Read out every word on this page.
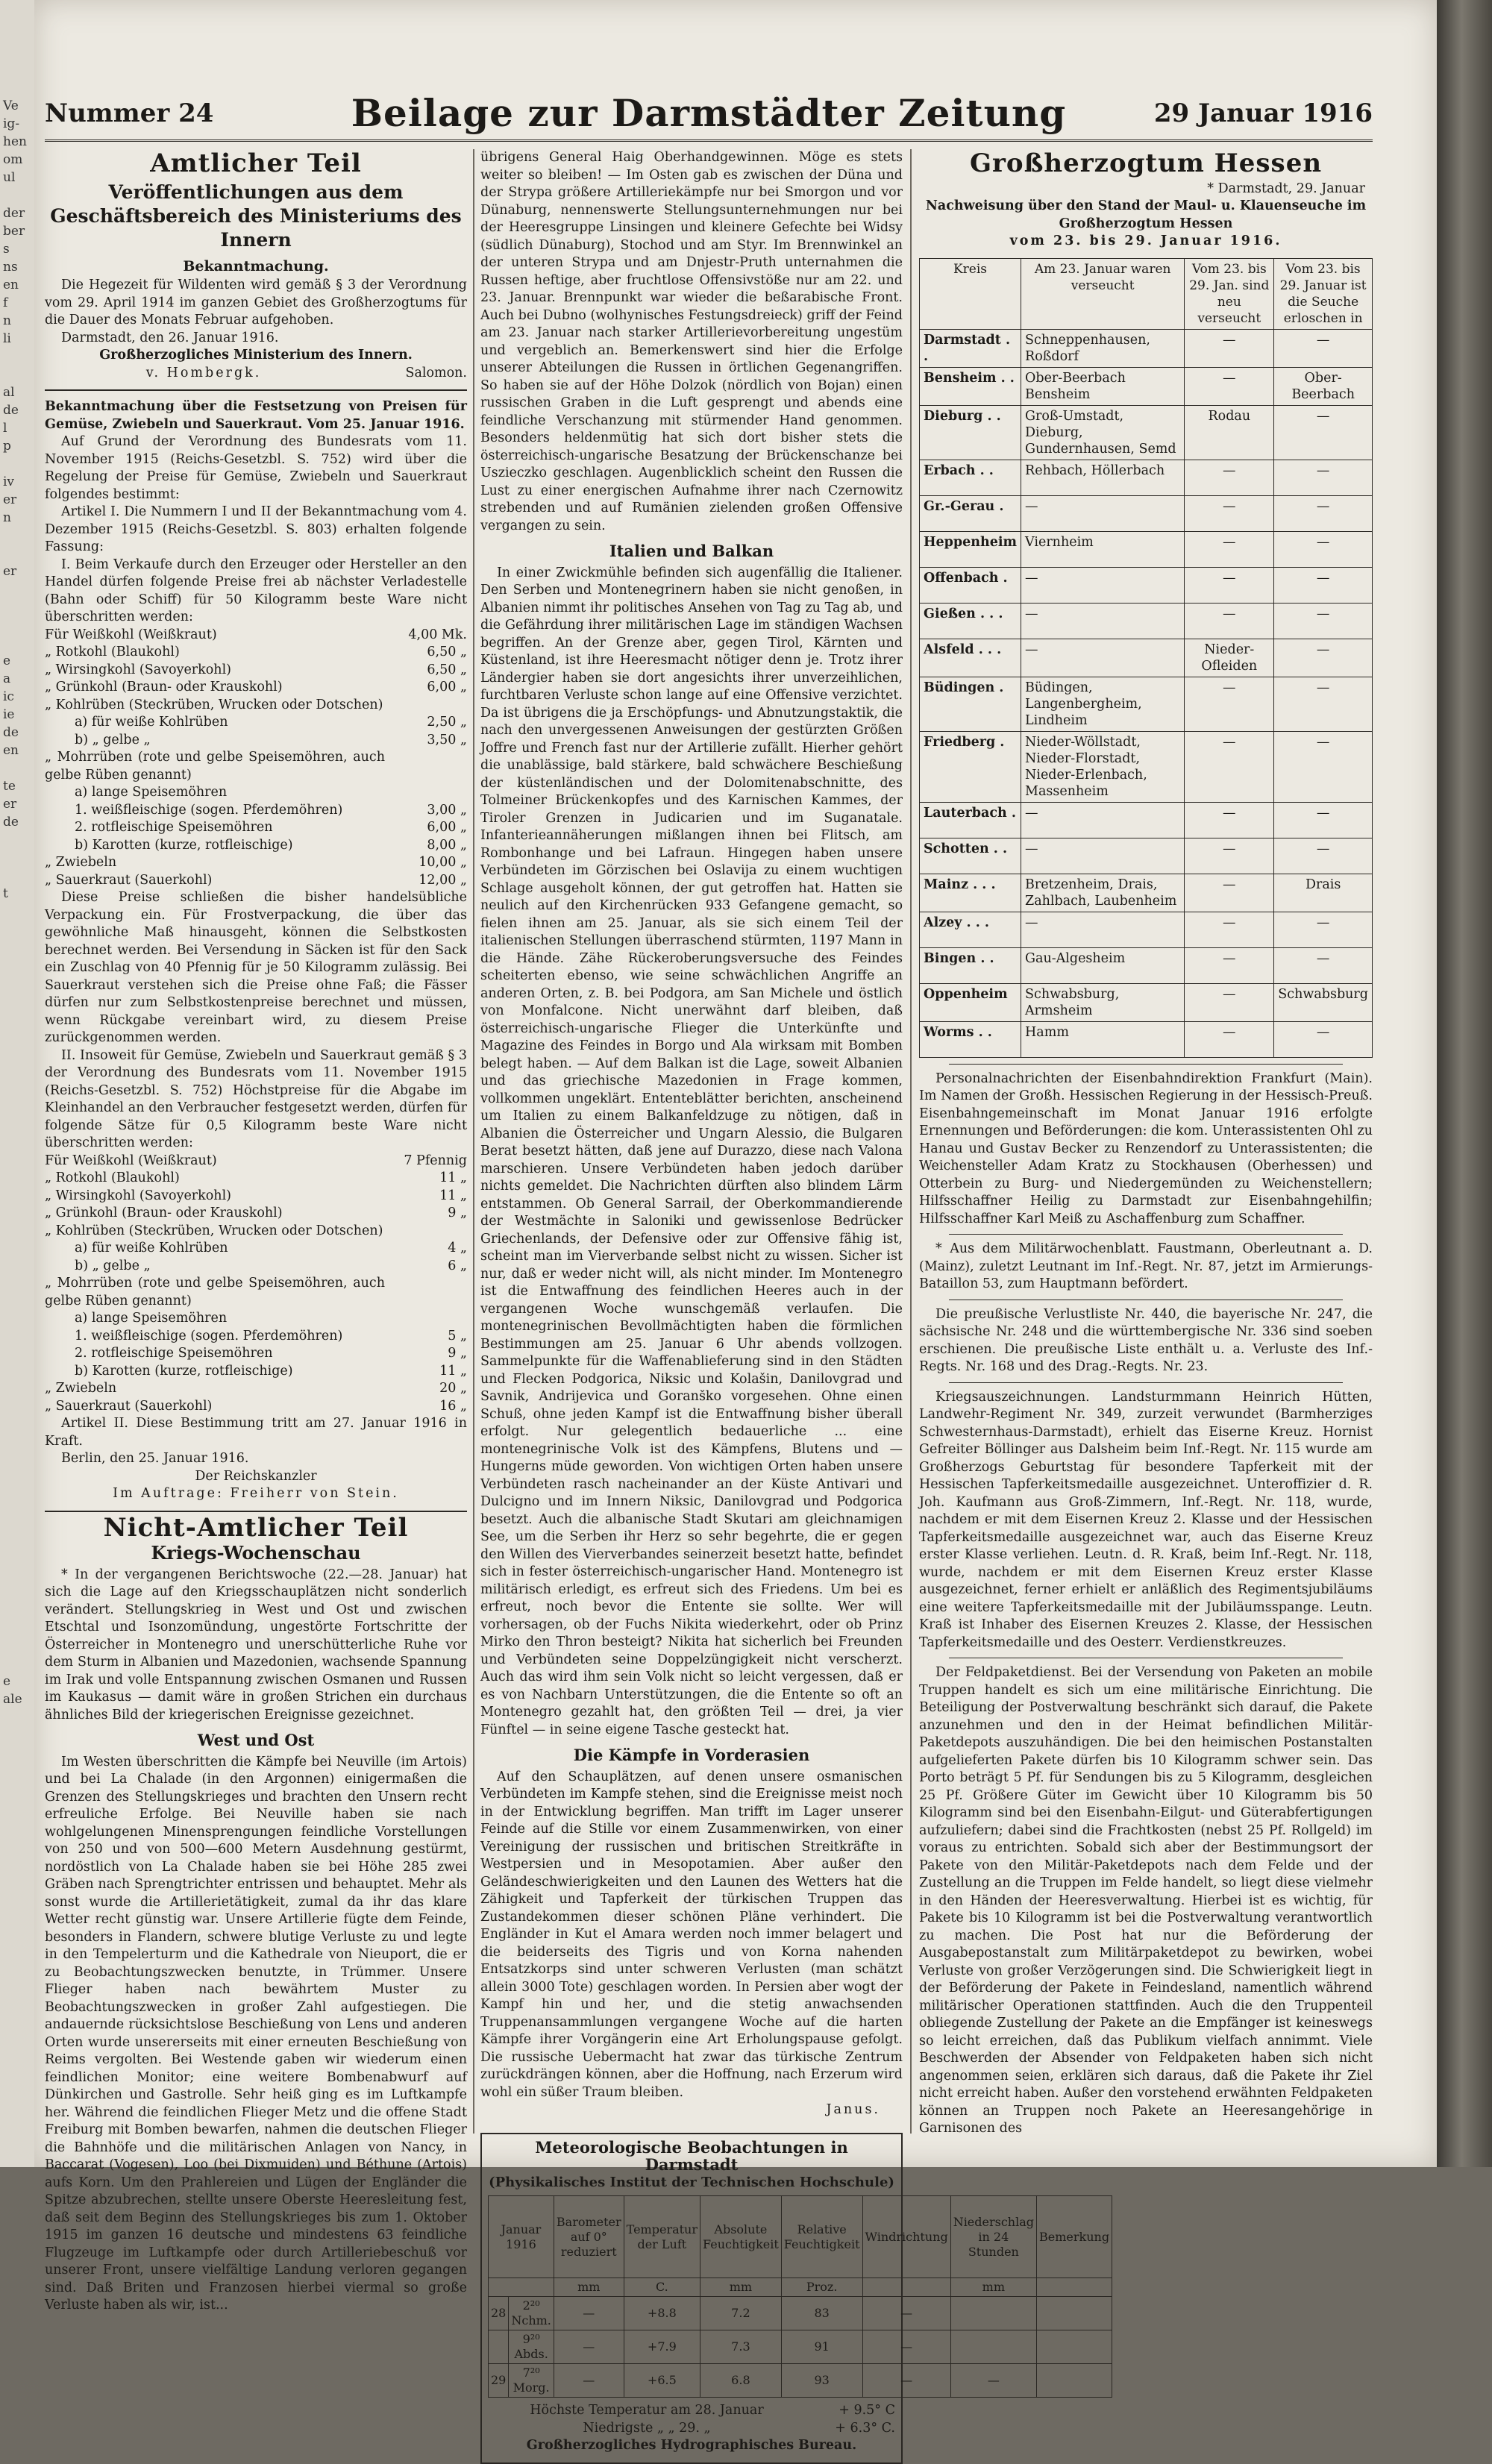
Ve
ig-
hen
om
ul

der
ber
s
ns
en
f
n
li

al
de
l
p

iv
er
n

er

e
a
ic
ie
de
en

te
er
de

t

e
ale
Nummer 24	Beilage zur Darmstädter Zeitung	29 Januar 1916
Amtlicher Teil
Veröffentlichungen aus dem Geschäftsbereich des Ministeriums des Innern
Bekanntmachung.

Die Hegezeit für Wildenten wird gemäß § 3 der Verordnung vom 29. April 1914 im ganzen Gebiet des Großherzogtums für die Dauer des Monats Februar aufgehoben.

Darmstadt, den 26. Januar 1916.

Großherzogliches Ministerium des Innern.
v. Hombergk.	Salomon.
Bekanntmachung über die Festsetzung von Preisen für Gemüse, Zwiebeln und Sauerkraut. Vom 25. Januar 1916.

Auf Grund der Verordnung des Bundesrats vom 11. November 1915 (Reichs-Gesetzbl. S. 752) wird über die Regelung der Preise für Gemüse, Zwiebeln und Sauerkraut folgendes bestimmt:

Artikel I. Die Nummern I und II der Bekanntmachung vom 4. Dezember 1915 (Reichs-Gesetzbl. S. 803) erhalten folgende Fassung:

I. Beim Verkaufe durch den Erzeuger oder Hersteller an den Handel dürfen folgende Preise frei ab nächster Verladestelle (Bahn oder Schiff) für 50 Kilogramm beste Ware nicht überschritten werden:

Für Weißkohl (Weißkraut)	4,00 Mk.
„ Rotkohl (Blaukohl)	6,50 „
„ Wirsingkohl (Savoyerkohl)	6,50 „
„ Grünkohl (Braun- oder Krauskohl)	6,00 „
„ Kohlrüben (Steckrüben, Wrucken oder Dotschen)
a) für weiße Kohlrüben	2,50 „
b) „ gelbe „	3,50 „
„ Mohrrüben (rote und gelbe Speisemöhren, auch gelbe Rüben genannt)
a) lange Speisemöhren
1. weißfleischige (sogen. Pferdemöhren)	3,00 „
2. rotfleischige Speisemöhren	6,00 „
b) Karotten (kurze, rotfleischige)	8,00 „
„ Zwiebeln	10,00 „
„ Sauerkraut (Sauerkohl)	12,00 „

Diese Preise schließen die bisher handelsübliche Verpackung ein. Für Frostverpackung, die über das gewöhnliche Maß hinausgeht, können die Selbstkosten berechnet werden. Bei Versendung in Säcken ist für den Sack ein Zuschlag von 40 Pfennig für je 50 Kilogramm zulässig. Bei Sauerkraut verstehen sich die Preise ohne Faß; die Fässer dürfen nur zum Selbstkostenpreise berechnet und müssen, wenn Rückgabe vereinbart wird, zu diesem Preise zurückgenommen werden.

II. Insoweit für Gemüse, Zwiebeln und Sauerkraut gemäß § 3 der Verordnung des Bundesrats vom 11. November 1915 (Reichs-Gesetzbl. S. 752) Höchstpreise für die Abgabe im Kleinhandel an den Verbraucher festgesetzt werden, dürfen für folgende Sätze für 0,5 Kilogramm beste Ware nicht überschritten werden:

Für Weißkohl (Weißkraut)	7 Pfennig
„ Rotkohl (Blaukohl)	11 „
„ Wirsingkohl (Savoyerkohl)	11 „
„ Grünkohl (Braun- oder Krauskohl)	9 „
„ Kohlrüben (Steckrüben, Wrucken oder Dotschen)
a) für weiße Kohlrüben	4 „
b) „ gelbe „	6 „
„ Mohrrüben (rote und gelbe Speisemöhren, auch gelbe Rüben genannt)
a) lange Speisemöhren
1. weißfleischige (sogen. Pferdemöhren)	5 „
2. rotfleischige Speisemöhren	9 „
b) Karotten (kurze, rotfleischige)	11 „
„ Zwiebeln	20 „
„ Sauerkraut (Sauerkohl)	16 „

Artikel II. Diese Bestimmung tritt am 27. Januar 1916 in Kraft.

Berlin, den 25. Januar 1916.

Der Reichskanzler
Im Auftrage: Freiherr von Stein.
Nicht-Amtlicher Teil
Kriegs-Wochenschau

* In der vergangenen Berichtswoche (22.—28. Januar) hat sich die Lage auf den Kriegsschauplätzen nicht sonderlich verändert. Stellungskrieg in West und Ost und zwischen Etschtal und Isonzomündung, ungestörte Fortschritte der Österreicher in Montenegro und unerschütterliche Ruhe vor dem Sturm in Albanien und Mazedonien, wachsende Spannung im Irak und volle Entspannung zwischen Osmanen und Russen im Kaukasus — damit wäre in großen Strichen ein durchaus ähnliches Bild der kriegerischen Ereignisse gezeichnet.

West und Ost

Im Westen überschritten die Kämpfe bei Neuville (im Artois) und bei La Chalade (in den Argonnen) einigermaßen die Grenzen des Stellungskrieges und brachten den Unsern recht erfreuliche Erfolge. Bei Neuville haben sie nach wohlgelungenen Minensprengungen feindliche Vorstellungen von 250 und von 500—600 Metern Ausdehnung gestürmt, nordöstlich von La Chalade haben sie bei Höhe 285 zwei Gräben nach Sprengtrichter entrissen und behauptet. Mehr als sonst wurde die Artillerietätigkeit, zumal da ihr das klare Wetter recht günstig war. Unsere Artillerie fügte dem Feinde, besonders in Flandern, schwere blutige Verluste zu und legte in den Tempelerturm und die Kathedrale von Nieuport, die er zu Beobachtungszwecken benutzte, in Trümmer. Unsere Flieger haben nach bewährtem Muster zu Beobachtungszwecken in großer Zahl aufgestiegen. Die andauernde rücksichtslose Beschießung von Lens und anderen Orten wurde unsererseits mit einer erneuten Beschießung von Reims vergolten. Bei Westende gaben wir wiederum einen feindlichen Monitor; eine weitere Bombenabwurf auf Dünkirchen und Gastrolle. Sehr heiß ging es im Luftkampfe her. Während die feindlichen Flieger Metz und die offene Stadt Freiburg mit Bomben bewarfen, nahmen die deutschen Flieger die Bahnhöfe und die militärischen Anlagen von Nancy, in Baccarat (Vogesen), Loo (bei Dixmuiden) und Béthune (Artois) aufs Korn. Um den Prahlereien und Lügen der Engländer die Spitze abzubrechen, stellte unsere Oberste Heeresleitung fest, daß seit dem Beginn des Stellungskrieges bis zum 1. Oktober 1915 im ganzen 16 deutsche und mindestens 63 feindliche Flugzeuge im Luftkampfe oder durch Artilleriebeschuß vor unserer Front, unsere vielfältige Landung verloren gegangen sind. Daß Briten und Franzosen hierbei viermal so große Verluste haben als wir, ist...

übrigens General Haig Oberhandgewinnen. Möge es stets weiter so bleiben! — Im Osten gab es zwischen der Düna und der Strypa größere Artilleriekämpfe nur bei Smorgon und vor Dünaburg, nennenswerte Stellungsunternehmungen nur bei der Heeresgruppe Linsingen und kleinere Gefechte bei Widsy (südlich Dünaburg), Stochod und am Styr. Im Brennwinkel an der unteren Strypa und am Dnjestr-Pruth unternahmen die Russen heftige, aber fruchtlose Offensivstöße nur am 22. und 23. Januar. Brennpunkt war wieder die beßarabische Front. Auch bei Dubno (wolhynisches Festungsdreieck) griff der Feind am 23. Januar nach starker Artillerievorbereitung ungestüm und vergeblich an. Bemerkenswert sind hier die Erfolge unserer Abteilungen die Russen in örtlichen Gegenangriffen. So haben sie auf der Höhe Dolzok (nördlich von Bojan) einen russischen Graben in die Luft gesprengt und abends eine feindliche Verschanzung mit stürmender Hand genommen. Besonders heldenmütig hat sich dort bisher stets die österreichisch-ungarische Besatzung der Brückenschanze bei Uszieczko geschlagen. Augenblicklich scheint den Russen die Lust zu einer energischen Aufnahme ihrer nach Czernowitz strebenden und auf Rumänien zielenden großen Offensive vergangen zu sein.

Italien und Balkan

In einer Zwickmühle befinden sich augenfällig die Italiener. Den Serben und Montenegrinern haben sie nicht genoßen, in Albanien nimmt ihr politisches Ansehen von Tag zu Tag ab, und die Gefährdung ihrer militärischen Lage im ständigen Wachsen begriffen. An der Grenze aber, gegen Tirol, Kärnten und Küstenland, ist ihre Heeresmacht nötiger denn je. Trotz ihrer Ländergier haben sie dort angesichts ihrer unverzeihlichen, furchtbaren Verluste schon lange auf eine Offensive verzichtet. Da ist übrigens die ja Erschöpfungs- und Abnutzungstaktik, die nach den unvergessenen Anweisungen der gestürzten Größen Joffre und French fast nur der Artillerie zufällt. Hierher gehört die unablässige, bald stärkere, bald schwächere Beschießung der küstenländischen und der Dolomitenabschnitte, des Tolmeiner Brückenkopfes und des Karnischen Kammes, der Tiroler Grenzen in Judicarien und im Suganatale. Infanterieannäherungen mißlangen ihnen bei Flitsch, am Rombonhange und bei Lafraun. Hingegen haben unsere Verbündeten im Görzischen bei Oslavija zu einem wuchtigen Schlage ausgeholt können, der gut getroffen hat. Hatten sie neulich auf den Kirchenrücken 933 Gefangene gemacht, so fielen ihnen am 25. Januar, als sie sich einem Teil der italienischen Stellungen überraschend stürmten, 1197 Mann in die Hände. Zähe Rückeroberungsversuche des Feindes scheiterten ebenso, wie seine schwächlichen Angriffe an anderen Orten, z. B. bei Podgora, am San Michele und östlich von Monfalcone. Nicht unerwähnt darf bleiben, daß österreichisch-ungarische Flieger die Unterkünfte und Magazine des Feindes in Borgo und Ala wirksam mit Bomben belegt haben. — Auf dem Balkan ist die Lage, soweit Albanien und das griechische Mazedonien in Frage kommen, vollkommen ungeklärt. Ententeblätter berichten, anscheinend um Italien zu einem Balkanfeldzuge zu nötigen, daß in Albanien die Österreicher und Ungarn Alessio, die Bulgaren Berat besetzt hätten, daß jene auf Durazzo, diese nach Valona marschieren. Unsere Verbündeten haben jedoch darüber nichts gemeldet. Die Nachrichten dürften also blindem Lärm entstammen. Ob General Sarrail, der Oberkommandierende der Westmächte in Saloniki und gewissenlose Bedrücker Griechenlands, der Defensive oder zur Offensive fähig ist, scheint man im Vierverbande selbst nicht zu wissen. Sicher ist nur, daß er weder nicht will, als nicht minder. Im Montenegro ist die Entwaffnung des feindlichen Heeres auch in der vergangenen Woche wunschgemäß verlaufen. Die montenegrinischen Bevollmächtigten haben die förmlichen Bestimmungen am 25. Januar 6 Uhr abends vollzogen. Sammelpunkte für die Waffenablieferung sind in den Städten und Flecken Podgorica, Niksic und Kolašin, Danilovgrad und Savnik, Andrijevica und Goranško vorgesehen. Ohne einen Schuß, ohne jeden Kampf ist die Entwaffnung bisher überall erfolgt. Nur gelegentlich bedauerliche ... eine montenegrinische Volk ist des Kämpfens, Blutens und — Hungerns müde geworden. Von wichtigen Orten haben unsere Verbündeten rasch nacheinander an der Küste Antivari und Dulcigno und im Innern Niksic, Danilovgrad und Podgorica besetzt. Auch die albanische Stadt Skutari am gleichnamigen See, um die Serben ihr Herz so sehr begehrte, die er gegen den Willen des Vierverbandes seinerzeit besetzt hatte, befindet sich in fester österreichisch-ungarischer Hand. Montenegro ist militärisch erledigt, es erfreut sich des Friedens. Um bei es erfreut, noch bevor die Entente sie sollte. Wer will vorhersagen, ob der Fuchs Nikita wiederkehrt, oder ob Prinz Mirko den Thron besteigt? Nikita hat sicherlich bei Freunden und Verbündeten seine Doppelzüngigkeit nicht verscherzt. Auch das wird ihm sein Volk nicht so leicht vergessen, daß er es von Nachbarn Unterstützungen, die die Entente so oft an Montenegro gezahlt hat, den größten Teil — drei, ja vier Fünftel — in seine eigene Tasche gesteckt hat.

Die Kämpfe in Vorderasien

Auf den Schauplätzen, auf denen unsere osmanischen Verbündeten im Kampfe stehen, sind die Ereignisse meist noch in der Entwicklung begriffen. Man trifft im Lager unserer Feinde auf die Stille vor einem Zusammenwirken, von einer Vereinigung der russischen und britischen Streitkräfte in Westpersien und in Mesopotamien. Aber außer den Geländeschwierigkeiten und den Launen des Wetters hat die Zähigkeit und Tapferkeit der türkischen Truppen das Zustandekommen dieser schönen Pläne verhindert. Die Engländer in Kut el Amara werden noch immer belagert und die beiderseits des Tigris und von Korna nahenden Entsatzkorps sind unter schweren Verlusten (man schätzt allein 3000 Tote) geschlagen worden. In Persien aber wogt der Kampf hin und her, und die stetig anwachsenden Truppenansammlungen vergangene Woche auf die harten Kämpfe ihrer Vorgängerin eine Art Erholungspause gefolgt. Die russische Uebermacht hat zwar das türkische Zentrum zurückdrängen können, aber die Hoffnung, nach Erzerum wird wohl ein süßer Traum bleiben.

Janus.
Meteorologische Beobachtungen in Darmstadt
(Physikalisches Institut der Technischen Hochschule)
Januar 1916		Barometer auf 0° reduziert	Temperatur der Luft	Absolute Feuchtigkeit	Relative Feuchtigkeit	Windrichtung	Niederschlag in 24 Stunden	Bemerkung
		mm	C.	mm	Proz.		mm	
28	2²⁰ Nchm.	—	+8.8	7.2	83	—		
	9²⁰ Abds.	—	+7.9	7.3	91	—		
29	7²⁰ Morg.	—	+6.5	6.8	93	—	—	
Höchste Temperatur am 28. Januar	+ 9.5° C
Niedrigste „ „ 29. „	+ 6.3° C.
Großherzogliches Hydrographisches Bureau.
Großherzogtum Hessen
* Darmstadt, 29. Januar
Nachweisung über den Stand der Maul- u. Klauenseuche im Großherzogtum Hessen
vom 23. bis 29. Januar 1916.
Kreis	Am 23. Januar waren verseucht	Vom 23. bis 29. Jan. sind neu verseucht	Vom 23. bis 29. Januar ist die Seuche erloschen in
Darmstadt . .	Schneppenhausen, Roßdorf	—	—
Bensheim . .	Ober-Beerbach Bensheim	—	Ober-Beerbach
Dieburg . .	Groß-Umstadt, Dieburg, Gundernhausen, Semd	Rodau	—
Erbach . .	Rehbach, Höllerbach	—	—
Gr.-Gerau .	—	—	—
Heppenheim	Viernheim	—	—
Offenbach .	—	—	—
Gießen . . .	—	—	—
Alsfeld . . .	—	Nieder-Ofleiden	—
Büdingen .	Büdingen, Langenbergheim, Lindheim	—	—
Friedberg .	Nieder-Wöllstadt, Nieder-Florstadt, Nieder-Erlenbach, Massenheim	—	—
Lauterbach .	—	—	—
Schotten . .	—	—	—
Mainz . . .	Bretzenheim, Drais, Zahlbach, Laubenheim	—	Drais
Alzey . . .	—	—	—
Bingen . .	Gau-Algesheim	—	—
Oppenheim	Schwabsburg, Armsheim	—	Schwabsburg
Worms . .	Hamm	—	—

Personalnachrichten der Eisenbahndirektion Frankfurt (Main). Im Namen der Großh. Hessischen Regierung in der Hessisch-Preuß. Eisenbahngemeinschaft im Monat Januar 1916 erfolgte Ernennungen und Beförderungen: die kom. Unterassistenten Ohl zu Hanau und Gustav Becker zu Renzendorf zu Unterassistenten; die Weichensteller Adam Kratz zu Stockhausen (Oberhessen) und Otterbein zu Burg- und Niedergemünden zu Weichenstellern; Hilfsschaffner Heilig zu Darmstadt zur Eisenbahngehilfin; Hilfsschaffner Karl Meiß zu Aschaffenburg zum Schaffner.

* Aus dem Militärwochenblatt. Faustmann, Oberleutnant a. D. (Mainz), zuletzt Leutnant im Inf.-Regt. Nr. 87, jetzt im Armierungs-Bataillon 53, zum Hauptmann befördert.

Die preußische Verlustliste Nr. 440, die bayerische Nr. 247, die sächsische Nr. 248 und die württembergische Nr. 336 sind soeben erschienen. Die preußische Liste enthält u. a. Verluste des Inf.-Regts. Nr. 168 und des Drag.-Regts. Nr. 23.

Kriegsauszeichnungen. Landsturmmann Heinrich Hütten, Landwehr-Regiment Nr. 349, zurzeit verwundet (Barmherziges Schwesternhaus-Darmstadt), erhielt das Eiserne Kreuz. Hornist Gefreiter Böllinger aus Dalsheim beim Inf.-Regt. Nr. 115 wurde am Großherzogs Geburtstag für besondere Tapferkeit mit der Hessischen Tapferkeitsmedaille ausgezeichnet. Unteroffizier d. R. Joh. Kaufmann aus Groß-Zimmern, Inf.-Regt. Nr. 118, wurde, nachdem er mit dem Eisernen Kreuz 2. Klasse und der Hessischen Tapferkeitsmedaille ausgezeichnet war, auch das Eiserne Kreuz erster Klasse verliehen. Leutn. d. R. Kraß, beim Inf.-Regt. Nr. 118, wurde, nachdem er mit dem Eisernen Kreuz erster Klasse ausgezeichnet, ferner erhielt er anläßlich des Regimentsjubiläums eine weitere Tapferkeitsmedaille mit der Jubiläumsspange. Leutn. Kraß ist Inhaber des Eisernen Kreuzes 2. Klasse, der Hessischen Tapferkeitsmedaille und des Oesterr. Verdienstkreuzes.

Der Feldpaketdienst. Bei der Versendung von Paketen an mobile Truppen handelt es sich um eine militärische Einrichtung. Die Beteiligung der Postverwaltung beschränkt sich darauf, die Pakete anzunehmen und den in der Heimat befindlichen Militär-Paketdepots auszuhändigen. Die bei den heimischen Postanstalten aufgelieferten Pakete dürfen bis 10 Kilogramm schwer sein. Das Porto beträgt 5 Pf. für Sendungen bis zu 5 Kilogramm, desgleichen 25 Pf. Größere Güter im Gewicht über 10 Kilogramm bis 50 Kilogramm sind bei den Eisenbahn-Eilgut- und Güterabfertigungen aufzuliefern; dabei sind die Frachtkosten (nebst 25 Pf. Rollgeld) im voraus zu entrichten. Sobald sich aber der Bestimmungsort der Pakete von den Militär-Paketdepots nach dem Felde und der Zustellung an die Truppen im Felde handelt, so liegt diese vielmehr in den Händen der Heeresverwaltung. Hierbei ist es wichtig, für Pakete bis 10 Kilogramm ist bei die Postverwaltung verantwortlich zu machen. Die Post hat nur die Beförderung der Ausgabepostanstalt zum Militärpaketdepot zu bewirken, wobei Verluste von großer Verzögerungen sind. Die Schwierigkeit liegt in der Beförderung der Pakete in Feindesland, namentlich während militärischer Operationen stattfinden. Auch die den Truppenteil obliegende Zustellung der Pakete an die Empfänger ist keineswegs so leicht erreichen, daß das Publikum vielfach annimmt. Viele Beschwerden der Absender von Feldpaketen haben sich nicht angenommen seien, erklären sich daraus, daß die Pakete ihr Ziel nicht erreicht haben. Außer den vorstehend erwähnten Feldpaketen können an Truppen noch Pakete an Heeresangehörige in Garnisonen des
